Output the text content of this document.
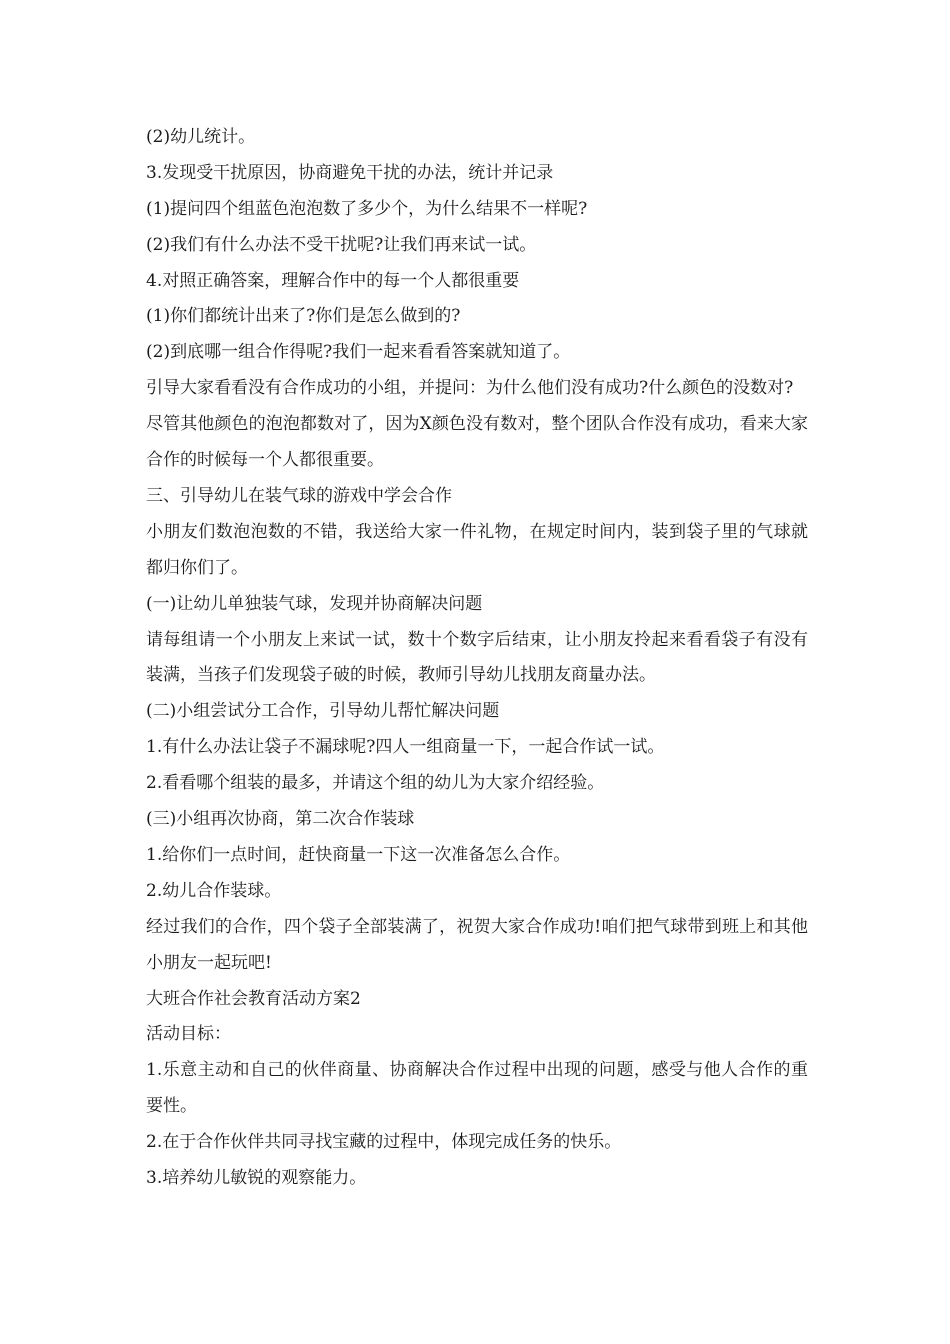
(2)幼儿统计。

3.发现受干扰原因，协商避免干扰的办法，统计并记录

(1)提问四个组蓝色泡泡数了多少个，为什么结果不一样呢?

(2)我们有什么办法不受干扰呢?让我们再来试一试。

4.对照正确答案，理解合作中的每一个人都很重要

(1)你们都统计出来了?你们是怎么做到的?

(2)到底哪一组合作得呢?我们一起来看看答案就知道了。

引导大家看看没有合作成功的小组，并提问：为什么他们没有成功?什么颜色的没数对?

尽管其他颜色的泡泡都数对了，因为X颜色没有数对，整个团队合作没有成功，看来大家合作的时候每一个人都很重要。

三、引导幼儿在装气球的游戏中学会合作

小朋友们数泡泡数的不错，我送给大家一件礼物，在规定时间内，装到袋子里的气球就都归你们了。

(一)让幼儿单独装气球，发现并协商解决问题

请每组请一个小朋友上来试一试，数十个数字后结束，让小朋友拎起来看看袋子有没有装满，当孩子们发现袋子破的时候，教师引导幼儿找朋友商量办法。

(二)小组尝试分工合作，引导幼儿帮忙解决问题

1.有什么办法让袋子不漏球呢?四人一组商量一下，一起合作试一试。

2.看看哪个组装的最多，并请这个组的幼儿为大家介绍经验。

(三)小组再次协商，第二次合作装球

1.给你们一点时间，赶快商量一下这一次准备怎么合作。

2.幼儿合作装球。

经过我们的合作，四个袋子全部装满了，祝贺大家合作成功!咱们把气球带到班上和其他小朋友一起玩吧!

大班合作社会教育活动方案2

活动目标：

1.乐意主动和自己的伙伴商量、协商解决合作过程中出现的问题，感受与他人合作的重要性。

2.在于合作伙伴共同寻找宝藏的过程中，体现完成任务的快乐。

3.培养幼儿敏锐的观察能力。
